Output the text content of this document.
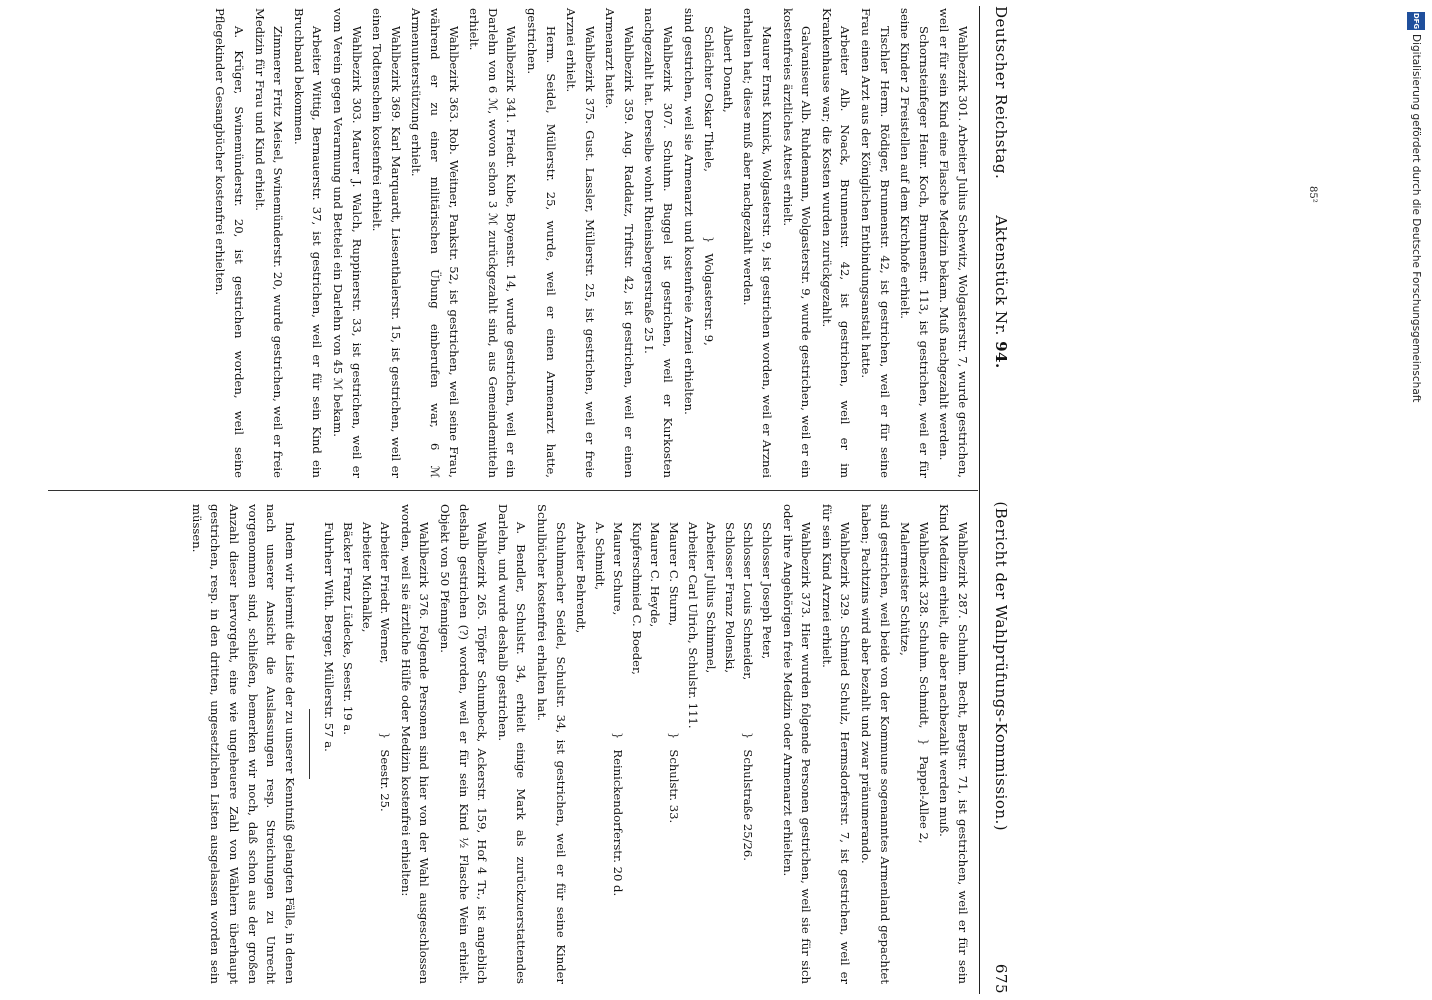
Deutscher Reichstag.
Aktenstück Nr. 94.
(Bericht der Wahlprüfungs-Kommission.)
675

Wahlbezirk 301. Arbeiter Julius Schewitz, Wolgasterstr. 7, wurde gestrichen, weil er für sein Kind eine Flasche Medizin bekam. Muß nachgezahlt werden.

Schornsteinfeger Heinr. Koch, Brunnenstr. 113, ist gestrichen, weil er für seine Kinder 2 Freistellen auf dem Kirchhofe erhielt.

Tischler Herm. Rödiger, Brunnenstr. 42, ist gestrichen, weil er für seine Frau einen Arzt aus der Königlichen Entbindungsanstalt hatte.

Arbeiter Alb. Noack, Brunnenstr. 42, ist gestrichen, weil er im Krankenhause war; die Kosten wurden zurückgezahlt.

Galvaniseur Alb. Ruhdemann, Wolgasterstr. 9, wurde gestrichen, weil er ein kostenfreies ärztliches Attest erhielt.

Maurer Ernst Kunick, Wolgasterstr. 9, ist gestrichen worden, weil er Arznei erhalten hat; diese muß aber nachgezahlt werden.

Albert Donath,
Schlächter Oskar Thiele,
}
Wolgasterstr. 9,

sind gestrichen, weil sie Armenarzt und kostenfreie Arznei erhielten.

Wahlbezirk 307. Schuhm. Buggel ist gestrichen, weil er Kurkosten nachgezahlt hat. Derselbe wohnt Rheinsbergerstraße 25 I.

Wahlbezirk 359. Aug. Raddatz, Triftstr. 42, ist gestrichen, weil er einen Armenarzt hatte.

Wahlbezirk 375. Gust. Lassler, Müllerstr. 25, ist gestrichen, weil er freie Arznei erhielt.

Herm. Seidel, Müllerstr. 25, wurde, weil er einen Armenarzt hatte, gestrichen.

Wahlbezirk 341. Friedr. Kube, Boyenstr. 14, wurde gestrichen, weil er ein Darlehn von 6 ℳ, wovon schon 3 ℳ zurückgezahlt sind, aus Gemeindemitteln erhielt.

Wahlbezirk 363. Rob. Weitner, Pankstr. 52, ist gestrichen, weil seine Frau, während er zu einer militärischen Übung einberufen war, 6 ℳ Armenunterstützung erhielt.

Wahlbezirk 369. Karl Marquardt, Liesenthalerstr. 15, ist gestrichen, weil er einen Todtenschein kostenfrei erhielt.

Wahlbezirk 303. Maurer J. Walch, Ruppinerstr. 33, ist gestrichen, weil er vom Verein gegen Verarmung und Bettelei ein Darlehn von 45 ℳ bekam.

Arbeiter Wittig, Bernauerstr. 37, ist gestrichen, weil er für sein Kind ein Bruchband bekommen.

Zimmerer Fritz Meisel, Swinemünderstr. 20, wurde gestrichen, weil er freie Medizin für Frau und Kind erhielt.

A. Krüger, Swinemünderstr. 20, ist gestrichen worden, weil seine Pflegekinder Gesangbücher kostenfrei erhielten.

Wahlbezirk 287. Schuhm. Becht, Bergstr. 71, ist gestrichen, weil er für sein Kind Medizin erhielt, die aber nachbezahlt werden muß.

Wahlbezirk 328. Schuhm. Schmidt,
}
Pappel-Allee 2,
Malermeister Schütze,

sind gestrichen, weil beide von der Kommune sogenanntes Armenland gepachtet haben; Pachtzins wird aber bezahlt und zwar pränumerando.

Wahlbezirk 329. Schmied Schulz, Hermsdorferstr. 7, ist gestrichen, weil er für sein Kind Arznei erhielt.

Wahlbezirk 373. Hier wurden folgende Personen gestrichen, weil sie für sich oder ihre Angehörigen freie Medizin oder Armenarzt erhielten.

Schlosser Joseph Peter,
Schlosser Louis Schneider,
}
Schulstraße 25/26.
Schlosser Franz Polenski,
Arbeiter Julius Schimmel,
Arbeiter Carl Ulrich, Schulstr. 111.
Maurer C. Sturm,
}
Schulstr. 33.
Maurer C. Heyde,
Kupferschmied C. Boeder,
Maurer Schure,
}
Reinickendorferstr. 20 d.
A. Schmidt,
Arbeiter Behrendt,

Schuhmacher Seidel, Schulstr. 34, ist gestrichen, weil er für seine Kinder Schulbücher kostenfrei erhalten hat.

A. Bendler, Schulstr. 34, erhielt einige Mark als zurückzuerstattendes Darlehn, und wurde deshalb gestrichen.

Wahlbezirk 265. Töpfer Schumbeck, Ackerstr. 159, Hof 4 Tr., ist angeblich deshalb gestrichen (?) worden, weil er für sein Kind ½ Flasche Wein erhielt. Objekt von 50 Pfennigen.

Wahlbezirk 376. Folgende Personen sind hier von der Wahl ausgeschlossen worden, weil sie ärztliche Hülfe oder Medizin kostenfrei erhielten:

Arbeiter Friedr. Werner,
}
Seestr. 25.
Arbeiter Michalke,
Bäcker Franz Lüdecke, Seestr. 19 a.
Fuhrherr With. Berger, Müllerstr. 57 a.

Indem wir hiermit die Liste der zu unserer Kenntniß gelangten Fälle, in denen nach unserer Ansicht die Auslassungen resp. Streichungen zu Unrecht vorgenommen sind, schließen, bemerken wir noch, daß schon aus der großen Anzahl dieser hervorgeht, eine wie ungeheuere Zahl von Wählern überhaupt gestrichen, resp. in den dritten, ungesetzlichen Listen ausgelassen worden sein müssen.

85²
DFG
Digitalisierung gefördert durch die Deutsche Forschungsgemeinschaft
